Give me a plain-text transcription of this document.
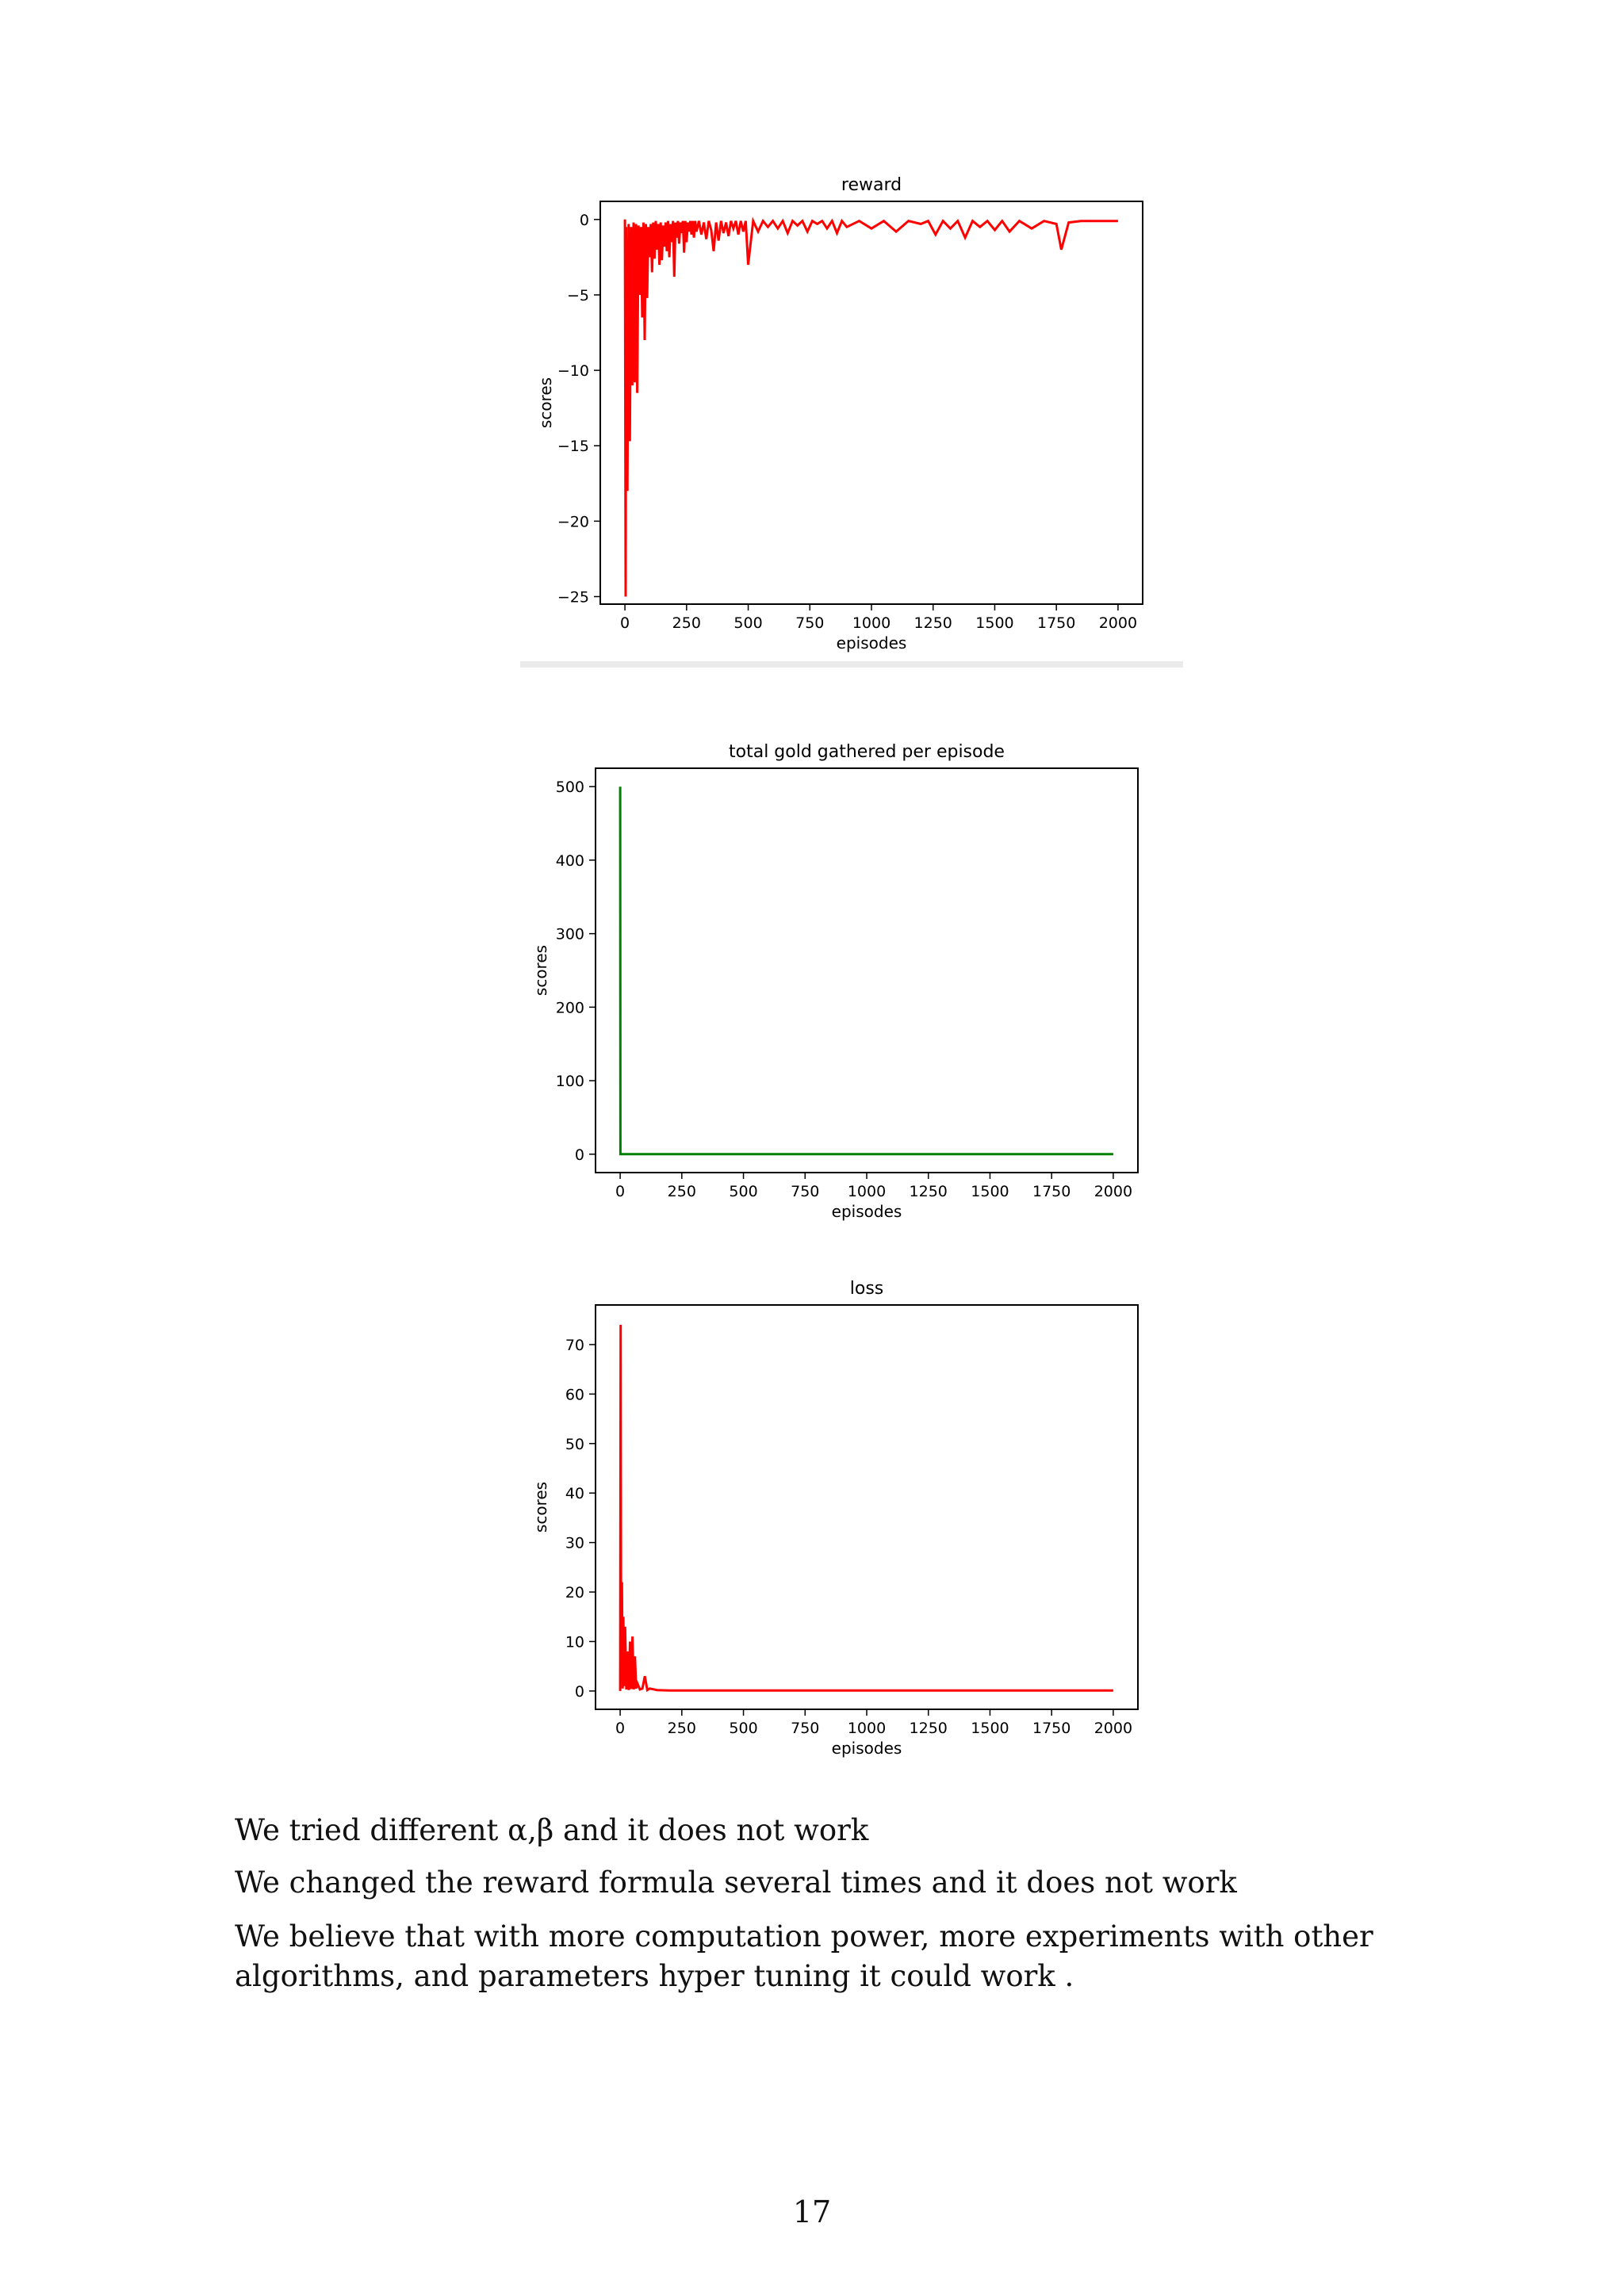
0	250 500 750 1000 1250 1500 1750 2000
0
−5
−10
−15
−20
−25
reward
episodes
scores
0	250 500 750 1000 1250 1500 1750 2000
0
100
200
300
400
500
total gold gathered per episode
episodes
scores
0	250 500 750 1000 1250 1500 1750 2000
0
10
20
30
40
50
60
70
loss
episodes
scores

We tried different α,β and it does not work

We changed the reward formula several times and it does not work

We believe that with more computation power, more experiments with other algorithms, and parameters hyper tuning it could work .

17
